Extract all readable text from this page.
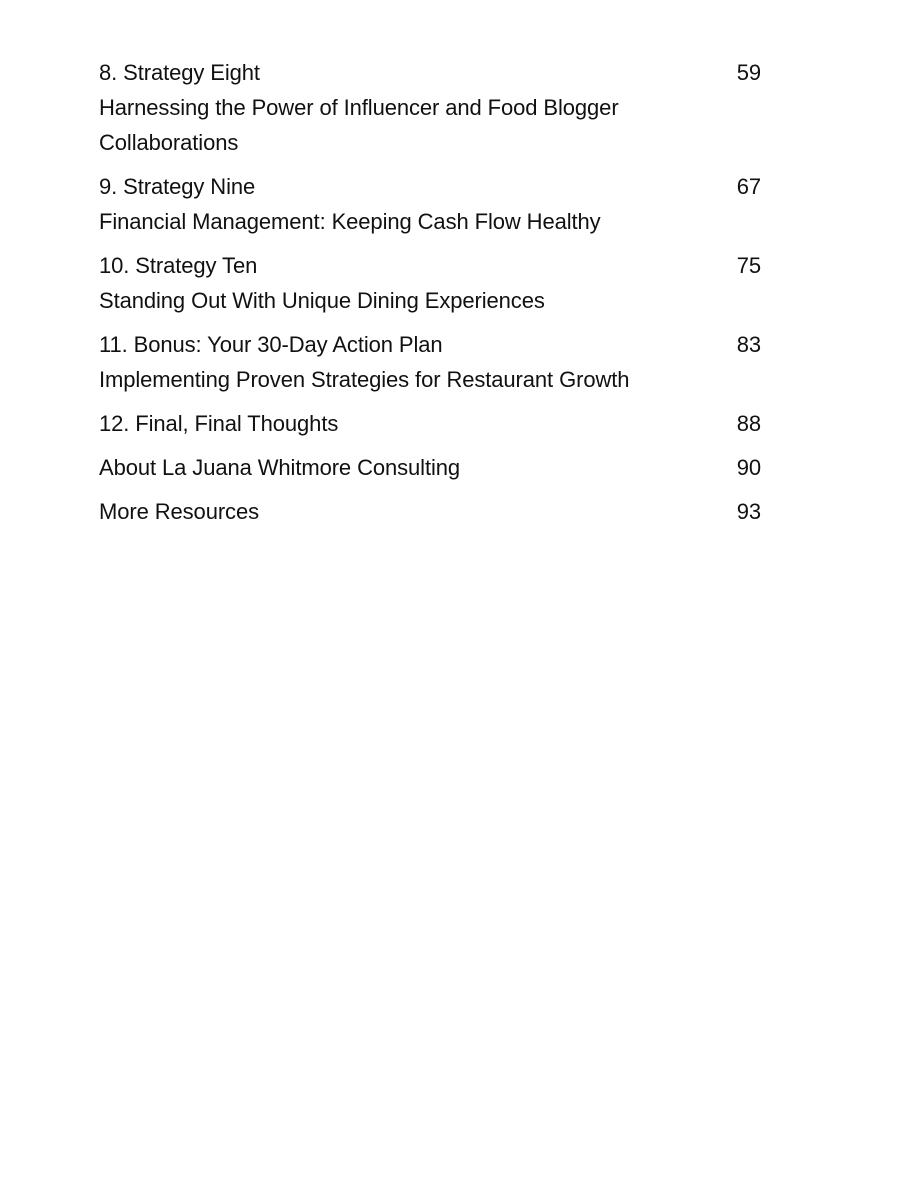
8. Strategy Eight	59
Harnessing the Power of Influencer and Food Blogger Collaborations
9. Strategy Nine	67
Financial Management: Keeping Cash Flow Healthy
10. Strategy Ten	75
Standing Out With Unique Dining Experiences
11. Bonus: Your 30-Day Action Plan	83
Implementing Proven Strategies for Restaurant Growth
12. Final, Final Thoughts	88
About La Juana Whitmore Consulting	90
More Resources	93
